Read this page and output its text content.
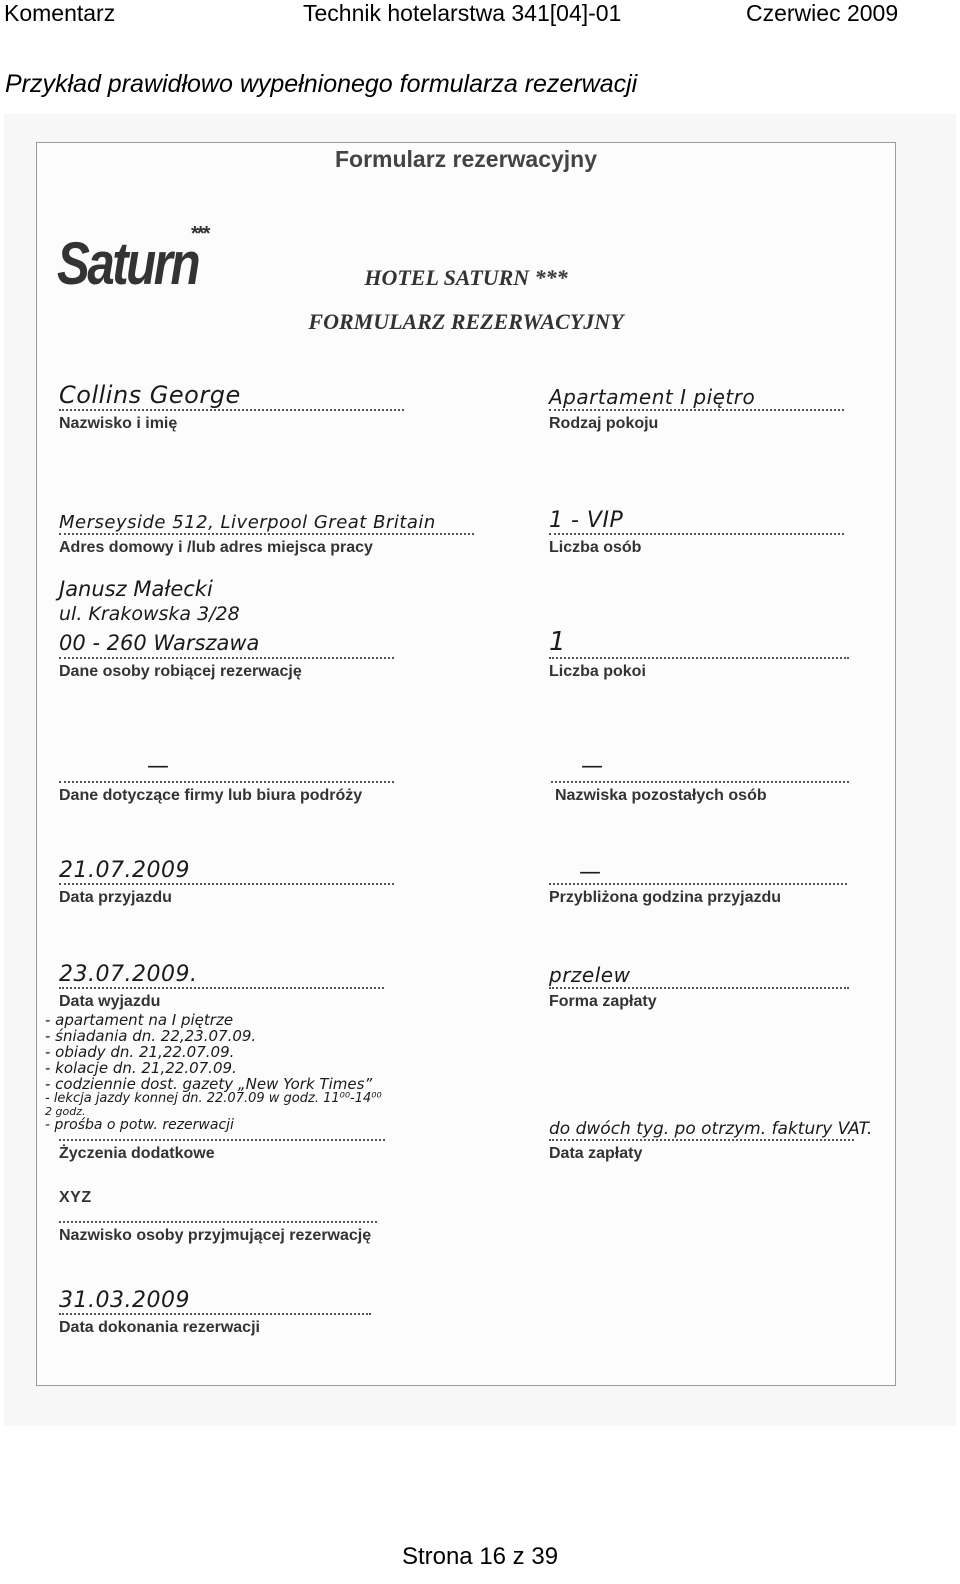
Komentarz	Technik hotelarstwa 341[04]-01	Czerwiec 2009
Przykład prawidłowo wypełnionego formularza rezerwacji
Formularz rezerwacyjny
Saturn
***
HOTEL SATURN ***
FORMULARZ REZERWACYJNY
Collins George
Nazwisko i imię
Merseyside 512, Liverpool Great Britain
Adres domowy i /lub adres miejsca pracy
Janusz Małecki
ul. Krakowska 3/28
00 - 260 Warszawa
Dane osoby robiącej rezerwację
—
Dane dotyczące firmy lub biura podróży
21.07.2009
Data przyjazdu
23.07.2009.
Data wyjazdu
- apartament na I piętrze
- śniadania dn. 22,23.07.09.
- obiady dn. 21,22.07.09.
- kolacje dn. 21,22.07.09.
- codziennie dost. gazety „New York Times”
- lekcja jazdy konnej dn. 22.07.09 w godz. 11⁰⁰-14⁰⁰
2 godz.
- prośba o potw. rezerwacji
Życzenia dodatkowe
XYZ
Nazwisko osoby przyjmującej rezerwację
31.03.2009
Data dokonania rezerwacji
Apartament I piętro
Rodzaj pokoju
1 - VIP
Liczba osób
1
Liczba pokoi
—
Nazwiska pozostałych osób
—
Przybliżona godzina przyjazdu
przelew
Forma zapłaty
do dwóch tyg. po otrzym. faktury VAT.
Data zapłaty
Strona 16 z 39
